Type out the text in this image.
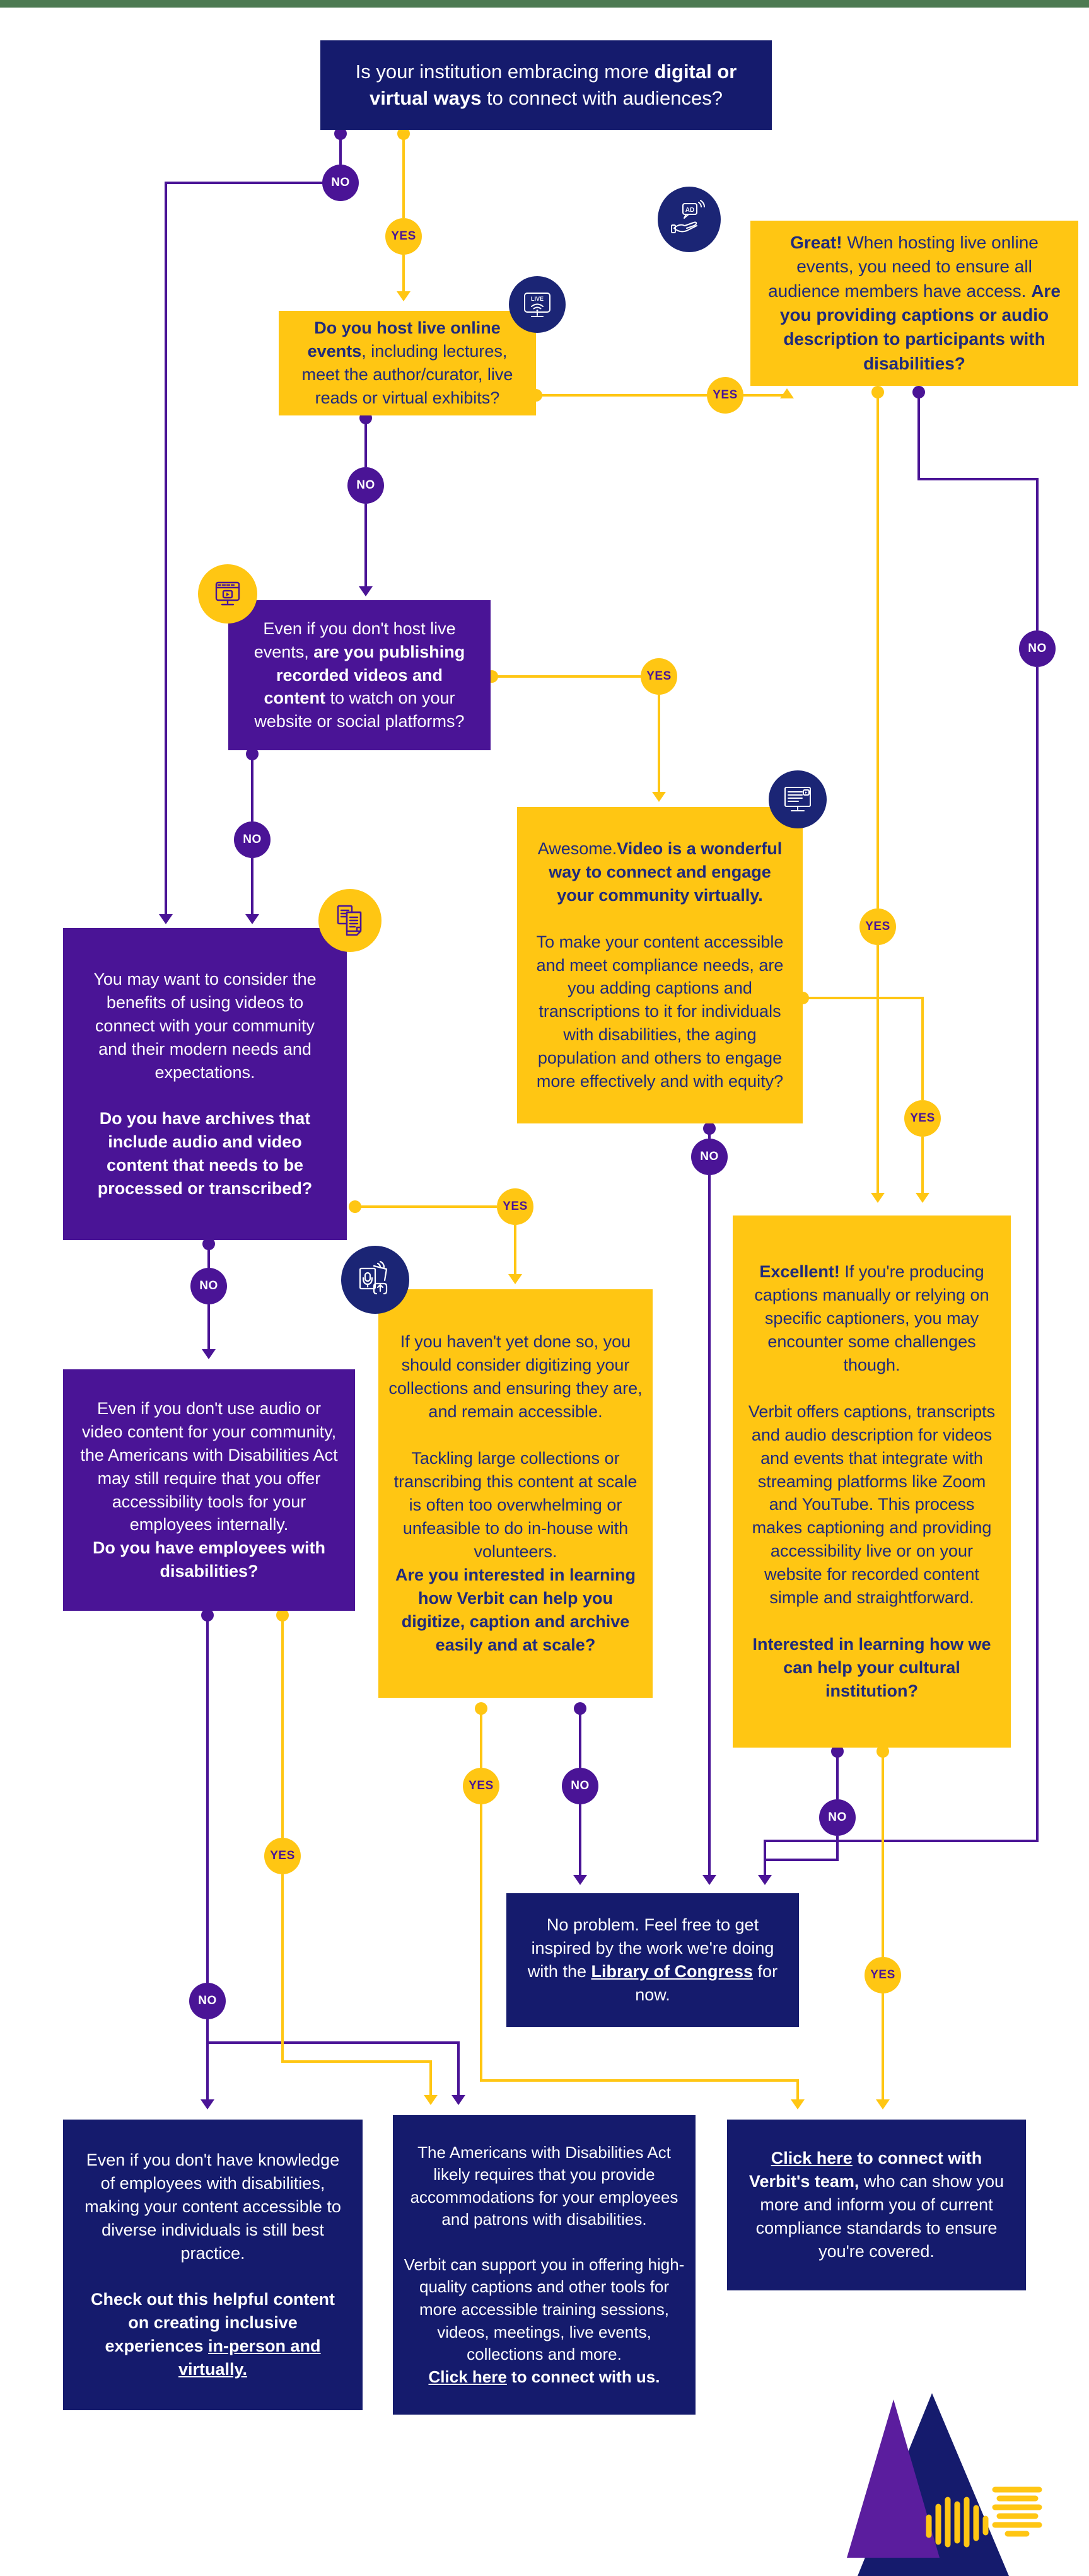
Is your institution embracing more digital or virtual ways to connect with audiences?
Do you host live online events, including lectures, meet the author/curator, live reads or virtual exhibits?
Great! When hosting live online events, you need to ensure all audience members have access. Are you providing captions or audio description to participants with disabilities?
Even if you don't host live events, are you publishing recorded videos and content to watch on your website or social platforms?
Awesome.Video is a wonderful way to connect and engage your community virtually.

To make your content accessible and meet compliance needs, are you adding captions and transcriptions to it for individuals with disabilities, the aging population and others to engage more effectively and with equity?
You may want to consider the benefits of using videos to connect with your community and their modern needs and expectations.

Do you have archives that include audio and video content that needs to be processed or transcribed?
If you haven't yet done so, you should consider digitizing your collections and ensuring they are, and remain accessible.

Tackling large collections or transcribing this content at scale is often too overwhelming or unfeasible to do in-house with volunteers.
Are you interested in learning how Verbit can help you digitize, caption and archive easily and at scale?
Excellent! If you're producing captions manually or relying on specific captioners, you may encounter some challenges though.

Verbit offers captions, transcripts and audio description for videos and events that integrate with streaming platforms like Zoom and YouTube. This process makes captioning and providing accessibility live or on your website for recorded content simple and straightforward.

Interested in learning how we can help your cultural institution?
Even if you don't use audio or video content for your community, the Americans with Disabilities Act may still require that you offer accessibility tools for your employees internally.
Do you have employees with disabilities?
No problem. Feel free to get inspired by the work we're doing with the Library of Congress for now.
Even if you don't have knowledge of employees with disabilities, making your content accessible to diverse individuals is still best practice.

Check out this helpful content on creating inclusive experiences in-person and virtually.
The Americans with Disabilities Act likely requires that you provide accommodations for your employees and patrons with disabilities.

Verbit can support you in offering high-quality captions and other tools for more accessible training sessions, videos, meetings, live events, collections and more.
Click here to connect with us.
Click here to connect with Verbit's team, who can show you more and inform you of current compliance standards to ensure you're covered.
NO
YES
YES
NO
NO
YES
NO
YES
YES
NO
YES
NO
YES	NO
NO
YES
YES
NO
LIVE
AD
